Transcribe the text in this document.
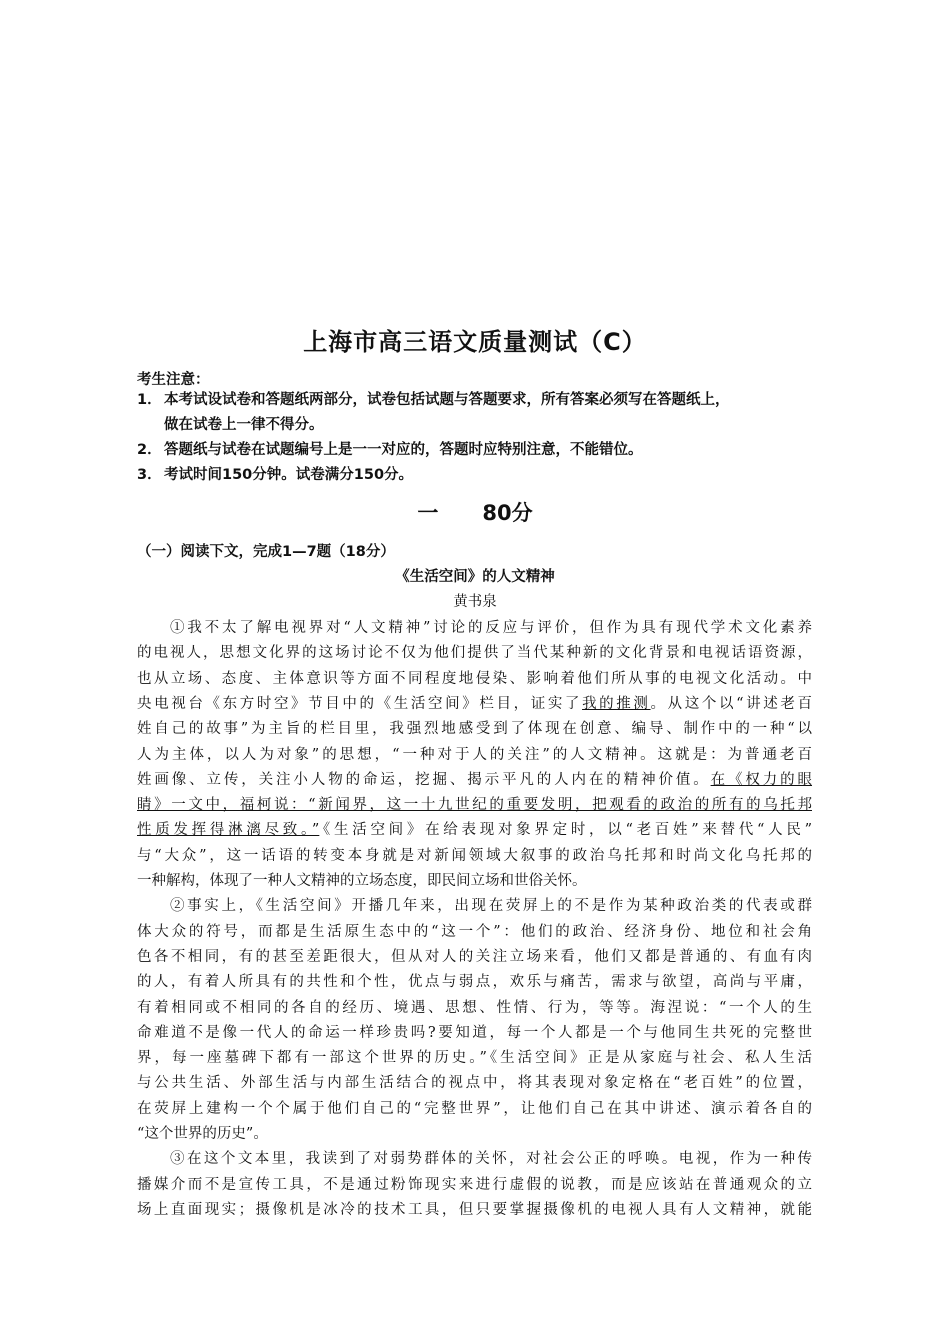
上海市高三语文质量测试（C）
考生注意：
1． 本考试设试卷和答题纸两部分，试卷包括试题与答题要求，所有答案必须写在答题纸上，
做在试卷上一律不得分。
2． 答题纸与试卷在试题编号上是一一对应的，答题时应特别注意，不能错位。
3． 考试时间150分钟。试卷满分150分。
一 80分
（一）阅读下文，完成1—7题（18分）
《生活空间》的人文精神
黄书泉
①我不太了解电视界对“人文精神”讨论的反应与评价，但作为具有现代学术文化素养
的电视人，思想文化界的这场讨论不仅为他们提供了当代某种新的文化背景和电视话语资源，
也从立场、态度、主体意识等方面不同程度地侵染、影响着他们所从事的电视文化活动。中
央电视台《东方时空》节目中的《生活空间》栏目，证实了我的推测。从这个以“讲述老百
姓自己的故事”为主旨的栏目里，我强烈地感受到了体现在创意、编导、制作中的一种“以
人为主体，以人为对象”的思想，“一种对于人的关注”的人文精神。这就是：为普通老百
姓画像、立传，关注小人物的命运，挖掘、揭示平凡的人内在的精神价值。在《权力的眼
睛》一文中，福柯说：“新闻界，这一十九世纪的重要发明，把观看的政治的所有的乌托邦
性质发挥得淋漓尽致。”《生活空间》在给表现对象界定时，以“老百姓”来替代“人民”
与“大众”，这一话语的转变本身就是对新闻领域大叙事的政治乌托邦和时尚文化乌托邦的
一种解构，体现了一种人文精神的立场态度，即民间立场和世俗关怀。
②事实上，《生活空间》开播几年来，出现在荧屏上的不是作为某种政治类的代表或群
体大众的符号，而都是生活原生态中的“这一个”：他们的政治、经济身份、地位和社会角
色各不相同，有的甚至差距很大，但从对人的关注立场来看，他们又都是普通的、有血有肉
的人，有着人所具有的共性和个性，优点与弱点，欢乐与痛苦，需求与欲望，高尚与平庸，
有着相同或不相同的各自的经历、境遇、思想、性情、行为，等等。海涅说：“一个人的生
命难道不是像一代人的命运一样珍贵吗?要知道，每一个人都是一个与他同生共死的完整世
界，每一座墓碑下都有一部这个世界的历史。”《生活空间》正是从家庭与社会、私人生活
与公共生活、外部生活与内部生活结合的视点中，将其表现对象定格在“老百姓”的位置，
在荧屏上建构一个个属于他们自己的“完整世界”，让他们自己在其中讲述、演示着各自的
“这个世界的历史”。
③在这个文本里，我读到了对弱势群体的关怀，对社会公正的呼唤。电视，作为一种传
播媒介而不是宣传工具，不是通过粉饰现实来进行虚假的说教，而是应该站在普通观众的立
场上直面现实；摄像机是冰冷的技术工具，但只要掌握摄像机的电视人具有人文精神，就能
